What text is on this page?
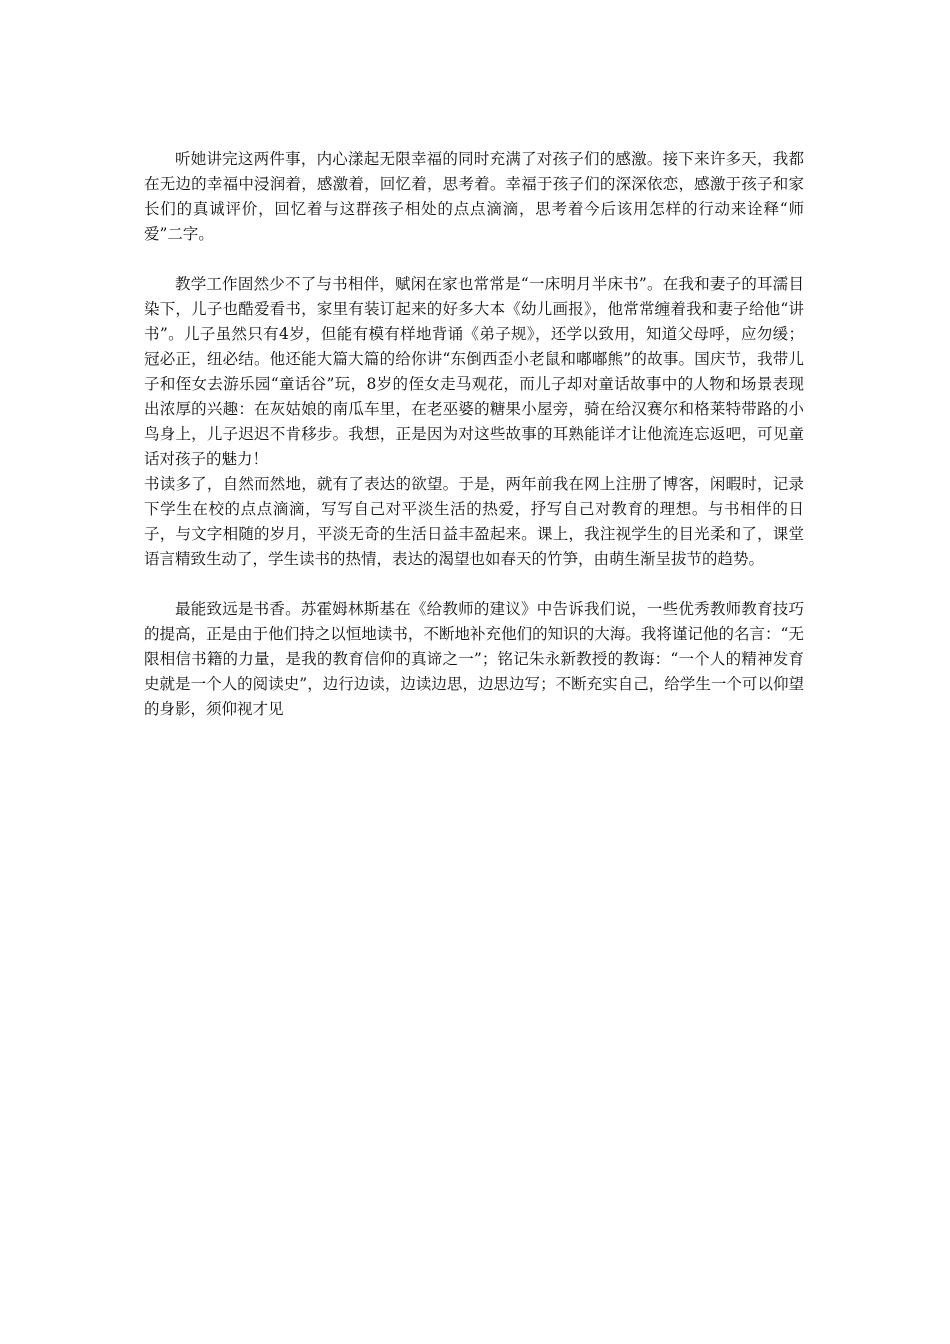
听她讲完这两件事，内心漾起无限幸福的同时充满了对孩子们的感激。接下来许多天，我都在无边的幸福中浸润着，感激着，回忆着，思考着。幸福于孩子们的深深依恋，感激于孩子和家长们的真诚评价，回忆着与这群孩子相处的点点滴滴，思考着今后该用怎样的行动来诠释“师爱”二字。

教学工作固然少不了与书相伴，赋闲在家也常常是“一床明月半床书”。在我和妻子的耳濡目染下，儿子也酷爱看书，家里有装订起来的好多大本《幼儿画报》，他常常缠着我和妻子给他“讲书”。儿子虽然只有4岁，但能有模有样地背诵《弟子规》，还学以致用，知道父母呼，应勿缓；冠必正，纽必结。他还能大篇大篇的给你讲“东倒西歪小老鼠和嘟嘟熊”的故事。国庆节，我带儿子和侄女去游乐园“童话谷”玩，8岁的侄女走马观花，而儿子却对童话故事中的人物和场景表现出浓厚的兴趣：在灰姑娘的南瓜车里，在老巫婆的糖果小屋旁，骑在给汉赛尔和格莱特带路的小鸟身上，儿子迟迟不肯移步。我想，正是因为对这些故事的耳熟能详才让他流连忘返吧，可见童话对孩子的魅力！

书读多了，自然而然地，就有了表达的欲望。于是，两年前我在网上注册了博客，闲暇时，记录下学生在校的点点滴滴，写写自己对平淡生活的热爱，抒写自己对教育的理想。与书相伴的日子，与文字相随的岁月，平淡无奇的生活日益丰盈起来。课上，我注视学生的目光柔和了，课堂语言精致生动了，学生读书的热情，表达的渴望也如春天的竹笋，由萌生渐呈拔节的趋势。

最能致远是书香。苏霍姆林斯基在《给教师的建议》中告诉我们说，一些优秀教师教育技巧的提高，正是由于他们持之以恒地读书，不断地补充他们的知识的大海。我将谨记他的名言：“无限相信书籍的力量，是我的教育信仰的真谛之一”；铭记朱永新教授的教诲：“一个人的精神发育史就是一个人的阅读史”，边行边读，边读边思，边思边写；不断充实自己，给学生一个可以仰望的身影，须仰视才见
